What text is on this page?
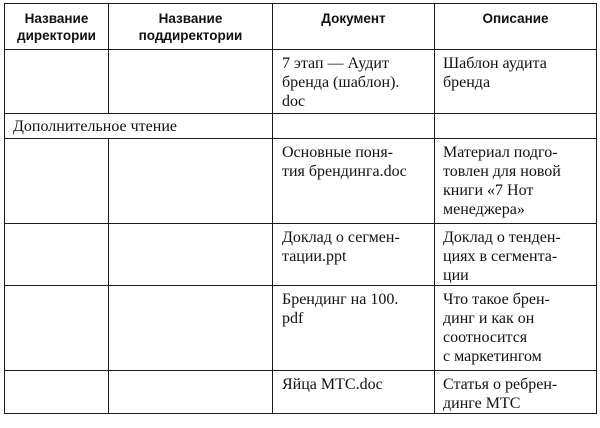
Название
директории	Название
поддиректории	Документ	Описание

		7 этап — Аудит
бренда (шаблон).
doc	Шаблон аудита
бренда

Дополнительное чтение			

		Основные поня-
тия брендинга.doc	Материал подго-
товлен для новой
книги «7 Нот
менеджера»

		Доклад о сегмен-
тации.ppt	Доклад о тенден-
циях в сегмента-
ции

		Брендинг на 100.
pdf	Что такое брен-
динг и как он
соотносится
с маркетингом

		Яйца МТС.doc	Статья о ребрен-
динге МТС
